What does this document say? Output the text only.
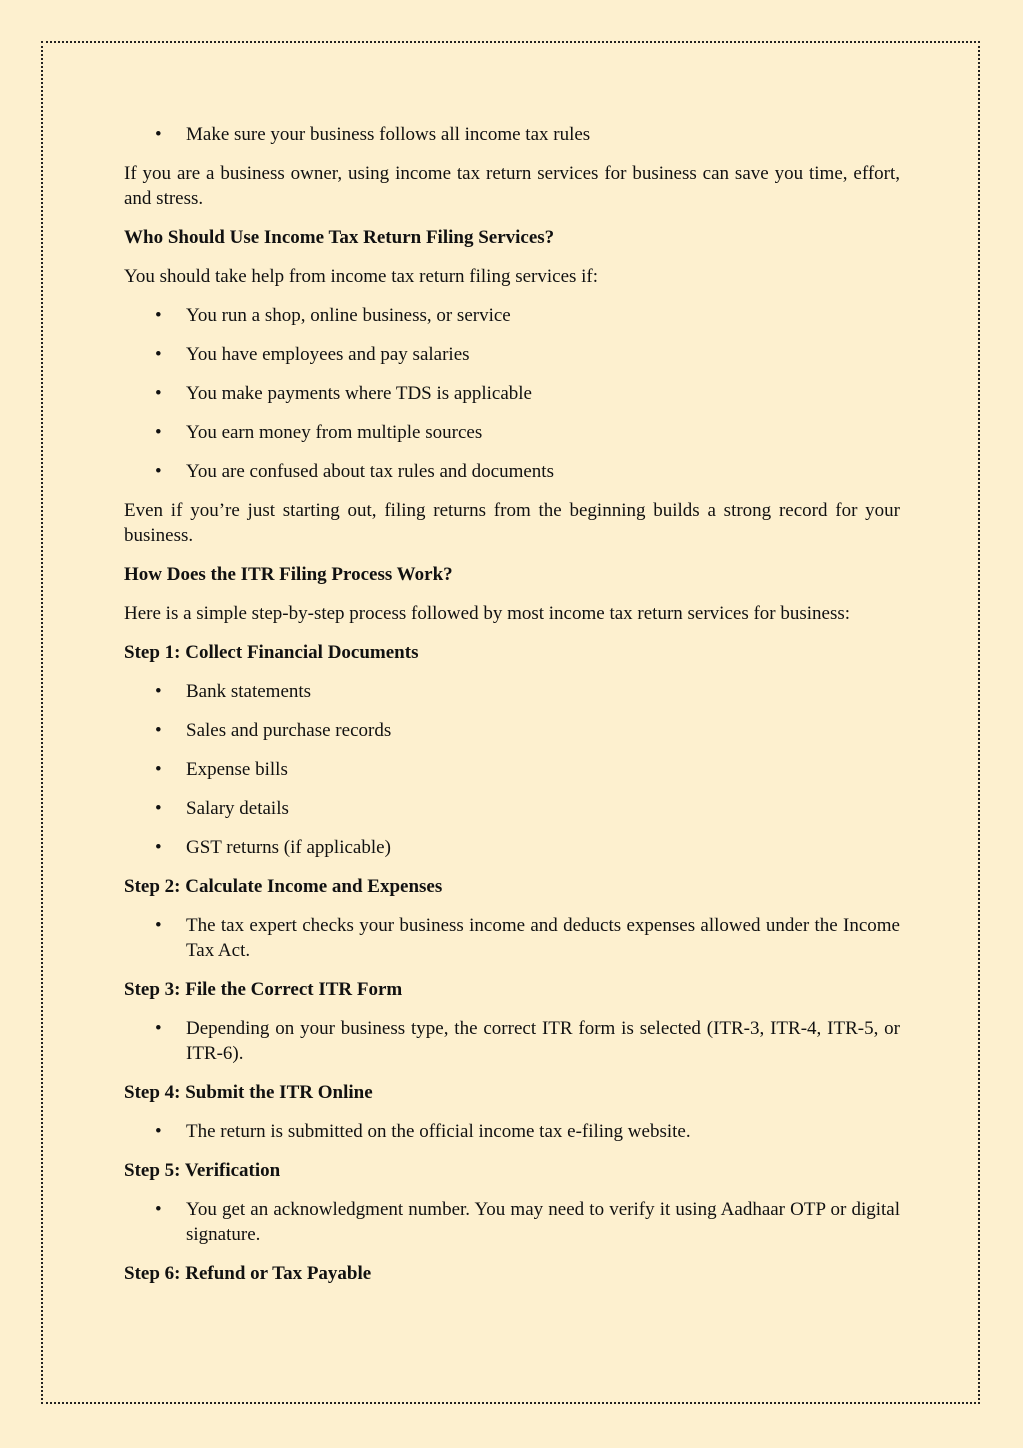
• Make sure your business follows all income tax rules

If you are a business owner, using income tax return services for business can save you time, effort, and stress.

Who Should Use Income Tax Return Filing Services?

You should take help from income tax return filing services if:

• You run a shop, online business, or service
• You have employees and pay salaries
• You make payments where TDS is applicable
• You earn money from multiple sources
• You are confused about tax rules and documents

Even if you’re just starting out, filing returns from the beginning builds a strong record for your business.

How Does the ITR Filing Process Work?

Here is a simple step-by-step process followed by most income tax return services for business:

Step 1: Collect Financial Documents
• Bank statements
• Sales and purchase records
• Expense bills
• Salary details
• GST returns (if applicable)
Step 2: Calculate Income and Expenses
• The tax expert checks your business income and deducts expenses allowed under the Income Tax Act.
Step 3: File the Correct ITR Form
• Depending on your business type, the correct ITR form is selected (ITR-3, ITR-4, ITR-5, or ITR-6).
Step 4: Submit the ITR Online
• The return is submitted on the official income tax e-filing website.
Step 5: Verification
• You get an acknowledgment number. You may need to verify it using Aadhaar OTP or digital signature.
Step 6: Refund or Tax Payable
